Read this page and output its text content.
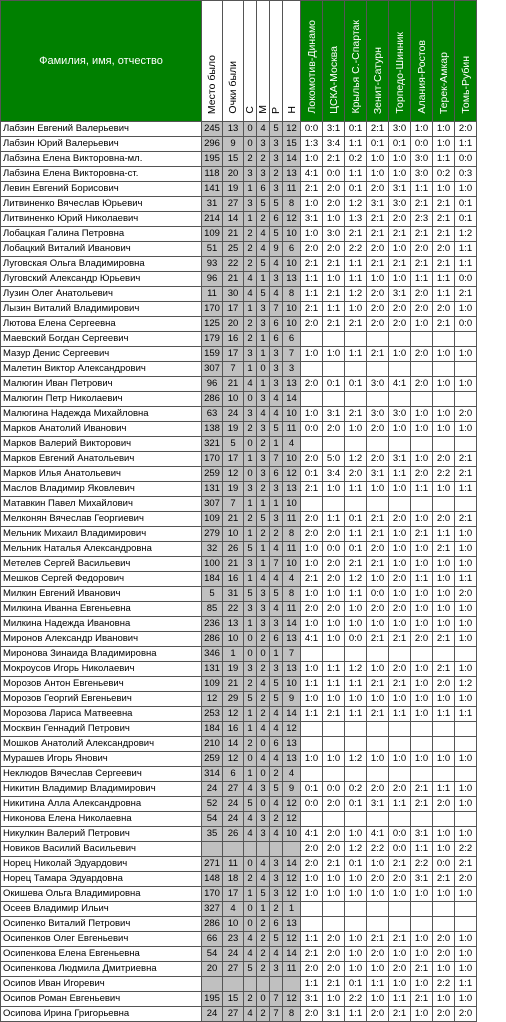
Фамилия, имя, отчество	Место было	Очки были	С	М	Р	Н	Локомотив-Динамо	ЦСКА-Москва	Крылья С.-Спартак	Зенит-Сатурн	Торпедо-Шинник	Алания-Ростов	Терек-Амкар	Томь-Рубин
Лабзин Евгений Валерьевич	245	13	0	4	5	12	0:0	3:1	0:1	2:1	3:0	1:0	1:0	2:0
Лабзин Юрий Валерьевич	296	9	0	3	3	15	1:3	3:4	1:1	0:1	0:1	0:0	1:0	1:1
Лабзина Елена Викторовна-мл.	195	15	2	2	3	14	1:0	2:1	0:2	1:0	1:0	3:0	1:1	0:0
Лабзина Елена Викторовна-ст.	118	20	3	3	2	13	4:1	0:0	1:1	1:0	1:0	3:0	0:2	0:3
Левин Евгений Борисович	141	19	1	6	3	11	2:1	2:0	0:1	2:0	3:1	1:1	1:0	1:0
Литвиненко Вячеслав Юрьевич	31	27	3	5	5	8	1:0	2:0	1:2	3:1	3:0	2:1	2:1	0:1
Литвиненко Юрий Николаевич	214	14	1	2	6	12	3:1	1:0	1:3	2:1	2:0	2:3	2:1	0:1
Лобацкая Галина Петровна	109	21	2	4	5	10	1:0	3:0	2:1	2:1	2:1	2:1	2:1	1:2
Лобацкий Виталий Иванович	51	25	2	4	9	6	2:0	2:0	2:2	2:0	1:0	2:0	2:0	1:1
Луговская Ольга Владимировна	93	22	2	5	4	10	2:1	2:1	1:1	2:1	2:1	2:1	2:1	1:1
Луговский Александр Юрьевич	96	21	4	1	3	13	1:1	1:0	1:1	1:0	1:0	1:1	1:1	0:0
Лузин Олег Анатольевич	11	30	4	5	4	8	1:1	2:1	1:2	2:0	3:1	2:0	1:1	2:1
Лызин Виталий Владимирович	170	17	1	3	7	10	2:1	1:1	1:0	2:0	2:0	2:0	2:0	1:0
Лютова Елена Сергеевна	125	20	2	3	6	10	2:0	2:1	2:1	2:0	2:0	1:0	2:1	0:0
Маевский Богдан Сергеевич	179	16	2	1	6	6								
Мазур Денис Сергеевич	159	17	3	1	3	7	1:0	1:0	1:1	2:1	1:0	2:0	1:0	1:0
Малетин Виктор Александрович	307	7	1	0	3	3								
Малюгин Иван Петрович	96	21	4	1	3	13	2:0	0:1	0:1	3:0	4:1	2:0	1:0	1:0
Малюгин Петр Николаевич	286	10	0	3	4	14								
Малюгина Надежда Михайловна	63	24	3	4	4	10	1:0	3:1	2:1	3:0	3:0	1:0	1:0	2:0
Марков Анатолий Иванович	138	19	2	3	5	11	0:0	2:0	1:0	2:0	1:0	1:0	1:0	1:0
Марков Валерий Викторович	321	5	0	2	1	4								
Марков Евгений Анатольевич	170	17	1	3	7	10	2:0	5:0	1:2	2:0	3:1	1:0	2:0	2:1
Марков Илья Анатольевич	259	12	0	3	6	12	0:1	3:4	2:0	3:1	1:1	2:0	2:2	2:1
Маслов Владимир Яковлевич	131	19	3	2	3	13	2:1	1:0	1:1	1:0	1:0	1:1	1:0	1:1
Матавкин Павел Михайлович	307	7	1	1	1	10								
Мелконян Вячеслав Георгиевич	109	21	2	5	3	11	2:0	1:1	0:1	2:1	2:0	1:0	2:0	2:1
Мельник Михаил Владимирович	279	10	1	2	2	8	2:0	2:0	1:1	2:1	1:0	2:1	1:1	1:0
Мельник Наталья Александровна	32	26	5	1	4	11	1:0	0:0	0:1	2:0	1:0	1:0	2:1	1:0
Метелев Сергей Васильевич	100	21	3	1	7	10	1:0	2:0	2:1	2:1	1:0	1:0	1:0	1:0
Мешков Сергей Федорович	184	16	1	4	4	4	2:1	2:0	1:2	1:0	2:0	1:1	1:0	1:1
Милкин Евгений Иванович	5	31	5	3	5	8	1:0	1:0	1:1	0:0	1:0	1:0	1:0	2:0
Милкина Иванна Евгеньевна	85	22	3	3	4	11	2:0	2:0	1:0	2:0	2:0	1:0	1:0	1:0
Милкина Надежда Ивановна	236	13	1	3	3	14	1:0	1:0	1:0	1:0	1:0	1:0	1:0	1:0
Миронов Александр Иванович	286	10	0	2	6	13	4:1	1:0	0:0	2:1	2:1	2:0	2:1	1:0
Миронова Зинаида Владимировна	346	1	0	0	1	7								
Мокроусов Игорь Николаевич	131	19	3	2	3	13	1:0	1:1	1:2	1:0	2:0	1:0	2:1	1:0
Морозов Антон Евгеньевич	109	21	2	4	5	10	1:1	1:1	1:1	2:1	2:1	1:0	2:0	1:2
Морозов Георгий Евгеньевич	12	29	5	2	5	9	1:0	1:0	1:0	1:0	1:0	1:0	1:0	1:0
Морозова Лариса Матвеевна	253	12	1	2	4	14	1:1	2:1	1:1	2:1	1:1	1:0	1:1	1:1
Москвин Геннадий Петрович	184	16	1	4	4	12								
Мошков Анатолий Александрович	210	14	2	0	6	13								
Мурашев Игорь Янович	259	12	0	4	4	13	1:0	1:0	1:2	1:0	1:0	1:0	1:0	1:0
Неклюдов Вячеслав Сергеевич	314	6	1	0	2	4								
Никитин Владимир Владимирович	24	27	4	3	5	9	0:1	0:0	0:2	2:0	2:0	2:1	1:1	1:0
Никитина Алла Александровна	52	24	5	0	4	12	0:0	2:0	0:1	3:1	1:1	2:1	2:0	1:0
Никонова Елена Николаевна	54	24	4	3	2	12								
Никулкин Валерий Петрович	35	26	4	3	4	10	4:1	2:0	1:0	4:1	0:0	3:1	1:0	1:0
Новиков Василий Васильевич							2:0	2:0	1:2	2:2	0:0	1:1	1:0	2:2
Норец Николай Эдуардович	271	11	0	4	3	14	2:0	2:1	0:1	1:0	2:1	2:2	0:0	2:1
Норец Тамара Эдуардовна	148	18	2	4	3	12	1:0	1:0	1:0	2:0	2:0	3:1	2:1	2:0
Окишева Ольга Владимировна	170	17	1	5	3	12	1:0	1:0	1:0	1:0	1:0	1:0	1:0	1:0
Осеев Владимир Ильич	327	4	0	1	2	1								
Осипенко Виталий Петрович	286	10	0	2	6	13								
Осипенков Олег Евгеньевич	66	23	4	2	5	12	1:1	2:0	1:0	2:1	2:1	1:0	2:0	1:0
Осипенкова Елена Евгеньевна	54	24	4	2	4	14	2:1	2:0	1:0	2:0	1:0	1:0	2:0	1:0
Осипенкова Людмила Дмитриевна	20	27	5	2	3	11	2:0	2:0	1:0	1:0	2:0	2:1	1:0	1:0
Осипов Иван Игоревич							1:1	2:1	0:1	1:1	1:0	1:0	2:2	1:1
Осипов Роман Евгеньевич	195	15	2	0	7	12	3:1	1:0	2:2	1:0	1:1	2:1	1:0	1:0
Осипова Ирина Григорьевна	24	27	4	2	7	8	2:0	3:1	1:1	2:0	2:1	1:0	2:0	2:0
